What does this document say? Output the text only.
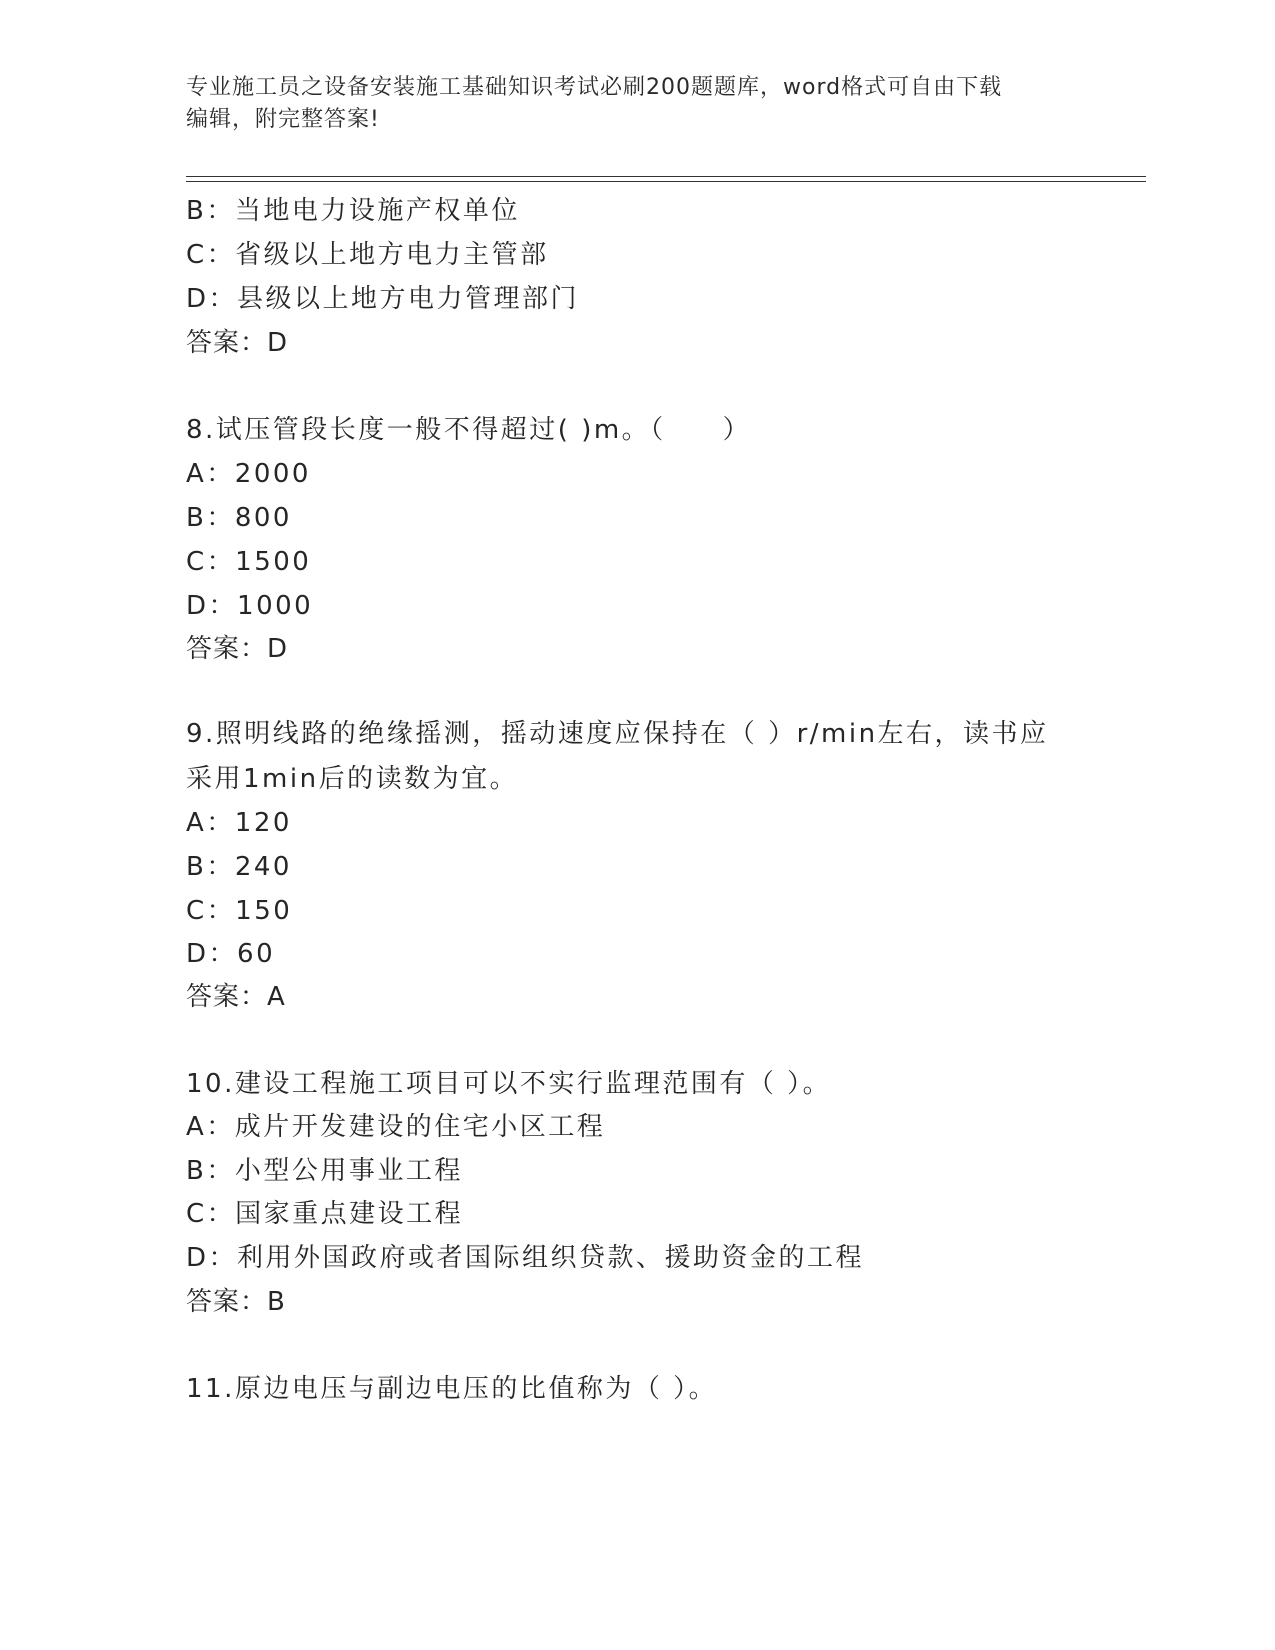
专业施工员之设备安装施工基础知识考试必刷200题题库，word格式可自由下载
编辑，附完整答案!
B：当地电力设施产权单位
C：省级以上地方电力主管部
D：县级以上地方电力管理部门
答案：D
8.试压管段长度一般不得超过( )m。（　　）
A：2000
B：800
C：1500
D：1000
答案：D
9.照明线路的绝缘摇测，摇动速度应保持在（ ）r/min左右，读书应
采用1min后的读数为宜。
A：120
B：240
C：150
D：60
答案：A
10.建设工程施工项目可以不实行监理范围有（ ）。
A：成片开发建设的住宅小区工程
B：小型公用事业工程
C：国家重点建设工程
D：利用外国政府或者国际组织贷款、援助资金的工程
答案：B
11.原边电压与副边电压的比值称为（ ）。
